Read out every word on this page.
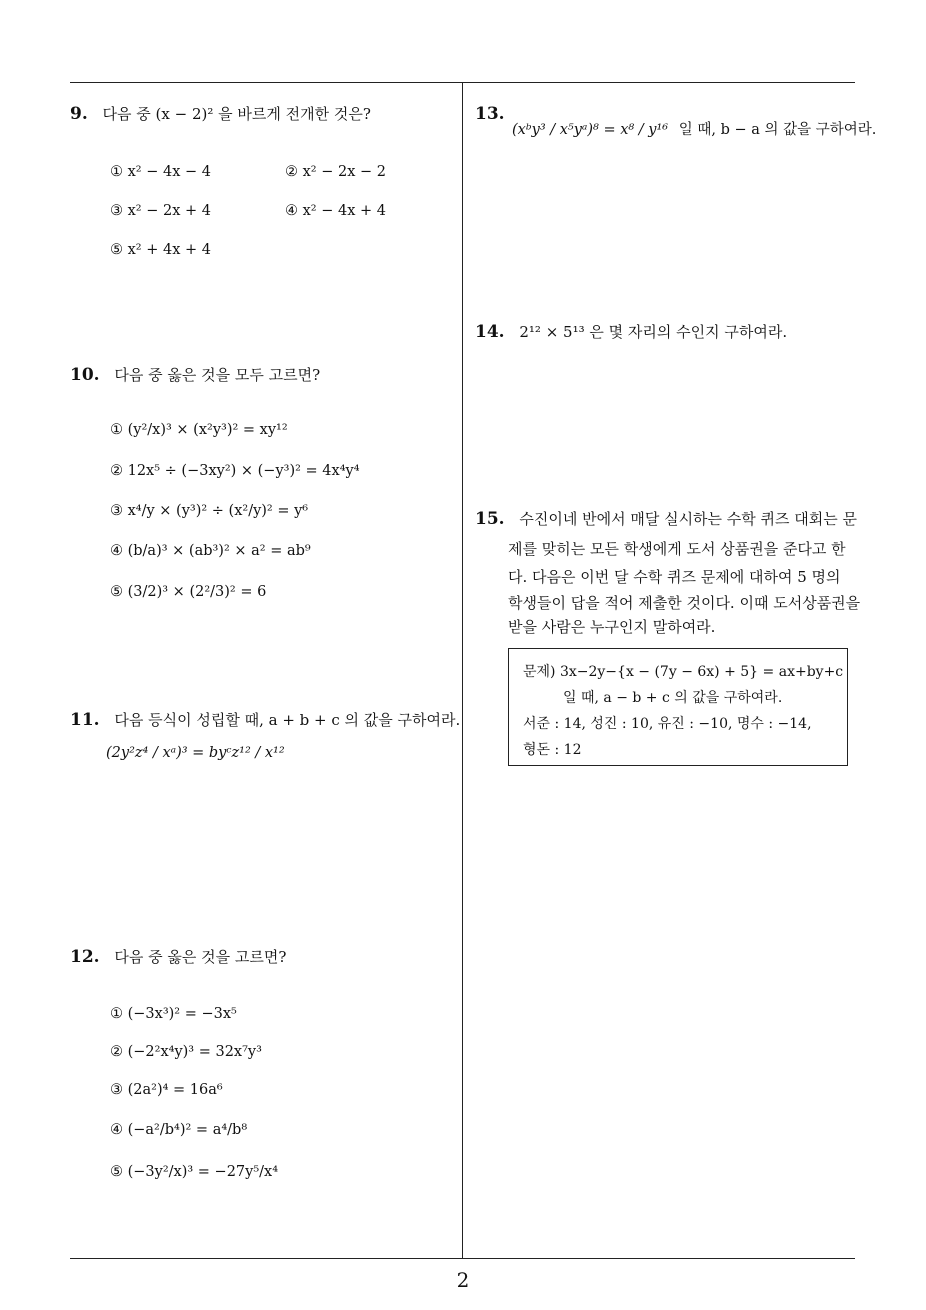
9. 다음 중 (x − 2)² 을 바르게 전개한 것은?
① x² − 4x − 4	② x² − 2x − 2
③ x² − 2x + 4	④ x² − 4x + 4
⑤ x² + 4x + 4
10. 다음 중 옳은 것을 모두 고르면?
① (y²/x)³ × (x²y³)² = xy¹²
② 12x⁵ ÷ (−3xy²) × (−y³)² = 4x⁴y⁴
③ x⁴/y × (y³)² ÷ (x²/y)² = y⁶
④ (b/a)³ × (ab³)² × a² = ab⁹
⑤ (3/2)³ × (2²/3)² = 6
11. 다음 등식이 성립할 때, a + b + c 의 값을 구하여라.
(2y²z⁴ / xᵃ)³ = byᶜz¹² / x¹²
12. 다음 중 옳은 것을 고르면?
① (−3x³)² = −3x⁵
② (−2²x⁴y)³ = 32x⁷y³
③ (2a²)⁴ = 16a⁶
④ (−a²/b⁴)² = a⁴/b⁸
⑤ (−3y²/x)³ = −27y⁵/x⁴
13.
(xᵇy³ / x⁵yᵃ)⁸ = x⁸ / y¹⁶ 일 때, b − a 의 값을 구하여라.
14. 2¹² × 5¹³ 은 몇 자리의 수인지 구하여라.
15. 수진이네 반에서 매달 실시하는 수학 퀴즈 대회는 문
제를 맞히는 모든 학생에게 도서 상품권을 준다고 한
다. 다음은 이번 달 수학 퀴즈 문제에 대하여 5 명의
학생들이 답을 적어 제출한 것이다. 이때 도서상품권을
받을 사람은 누구인지 말하여라.
문제) 3x−2y−{x − (7y − 6x) + 5} = ax+by+c
일 때, a − b + c 의 값을 구하여라.
서준 : 14, 성진 : 10, 유진 : −10, 명수 : −14,
형돈 : 12
2
